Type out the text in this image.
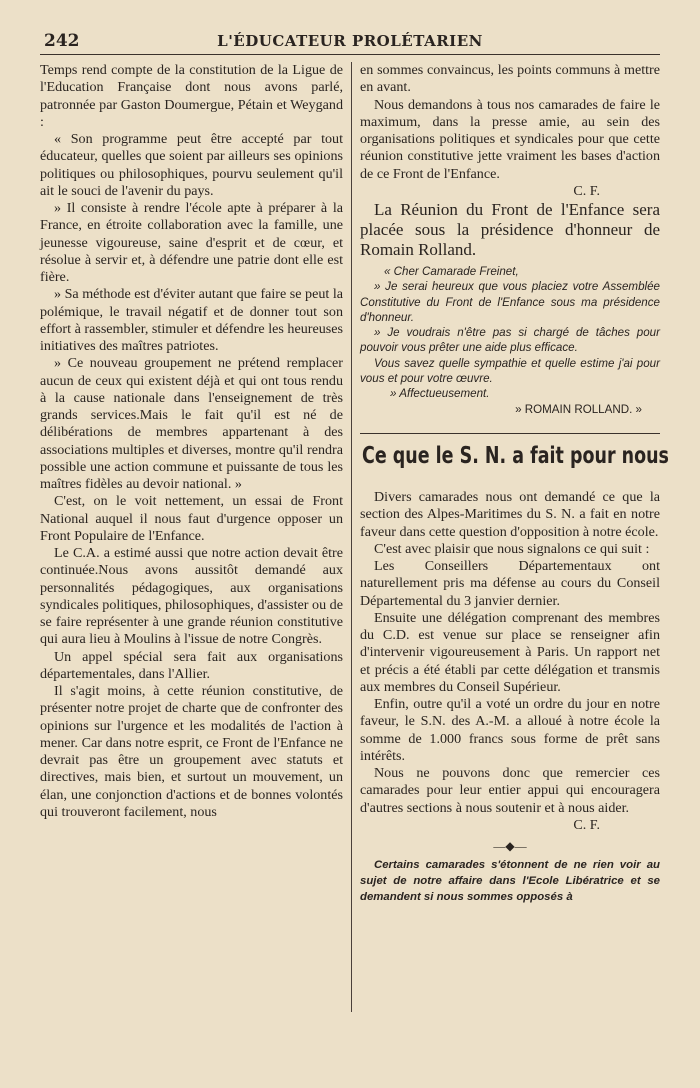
242	L'ÉDUCATEUR PROLÉTARIEN

Temps rend compte de la constitution de la Ligue de l'Education Française dont nous avons parlé, patronnée par Gaston Doumergue, Pétain et Weygand :

« Son programme peut être accepté par tout éducateur, quelles que soient par ailleurs ses opinions politiques ou philosophiques, pourvu seulement qu'il ait le souci de l'avenir du pays.

» Il consiste à rendre l'école apte à préparer à la France, en étroite collaboration avec la famille, une jeunesse vigoureuse, saine d'esprit et de cœur, et résolue à servir et, à défendre une patrie dont elle est fière.

» Sa méthode est d'éviter autant que faire se peut la polémique, le travail négatif et de donner tout son effort à rassembler, stimuler et défendre les heureuses initiatives des maîtres patriotes.

» Ce nouveau groupement ne prétend remplacer aucun de ceux qui existent déjà et qui ont tous rendu à la cause nationale dans l'enseignement de très grands services.Mais le fait qu'il est né de délibérations de membres appartenant à des associations multiples et diverses, montre qu'il rendra possible une action commune et puissante de tous les maîtres fidèles au devoir national. »

C'est, on le voit nettement, un essai de Front National auquel il nous faut d'urgence opposer un Front Populaire de l'Enfance.

Le C.A. a estimé aussi que notre action devait être continuée.Nous avons aussitôt demandé aux personnalités pédagogiques, aux organisations syndicales politiques, philosophiques, d'assister ou de se faire représenter à une grande réunion constitutive qui aura lieu à Moulins à l'issue de notre Congrès.

Un appel spécial sera fait aux organisations départementales, dans l'Allier.

Il s'agit moins, à cette réunion constitutive, de présenter notre projet de charte que de confronter des opinions sur l'urgence et les modalités de l'action à mener. Car dans notre esprit, ce Front de l'Enfance ne devrait pas être un groupement avec statuts et directives, mais bien, et surtout un mouvement, un élan, une conjonction d'actions et de bonnes volontés qui trouveront facilement, nous

en sommes convaincus, les points communs à mettre en avant.

Nous demandons à tous nos camarades de faire le maximum, dans la presse amie, au sein des organisations politiques et syndicales pour que cette réunion constitutive jette vraiment les bases d'action de ce Front de l'Enfance.

C. F.

La Réunion du Front de l'Enfance sera placée sous la présidence d'honneur de Romain Rolland.

« Cher Camarade Freinet,

» Je serai heureux que vous placiez votre Assemblée Constitutive du Front de l'Enfance sous ma présidence d'honneur.

» Je voudrais n'être pas si chargé de tâches pour pouvoir vous prêter une aide plus efficace.

Vous savez quelle sympathie et quelle estime j'ai pour vous et pour votre œuvre.

» Affectueusement.

» ROMAIN ROLLAND. »

Ce que le S. N. a fait pour nous

Divers camarades nous ont demandé ce que la section des Alpes-Maritimes du S. N. a fait en notre faveur dans cette question d'opposition à notre école.

C'est avec plaisir que nous signalons ce qui suit :

Les Conseillers Départementaux ont naturellement pris ma défense au cours du Conseil Départemental du 3 janvier dernier.

Ensuite une délégation comprenant des membres du C.D. est venue sur place se renseigner afin d'intervenir vigoureusement à Paris. Un rapport net et précis a été établi par cette délégation et transmis aux membres du Conseil Supérieur.

Enfin, outre qu'il a voté un ordre du jour en notre faveur, le S.N. des A.-M. a alloué à notre école la somme de 1.000 francs sous forme de prêt sans intérêts.

Nous ne pouvons donc que remercier ces camarades pour leur entier appui qui encouragera d'autres sections à nous soutenir et à nous aider.

C. F.

—◆—

Certains camarades s'étonnent de ne rien voir au sujet de notre affaire dans l'Ecole Libératrice et se demandent si nous sommes opposés à
